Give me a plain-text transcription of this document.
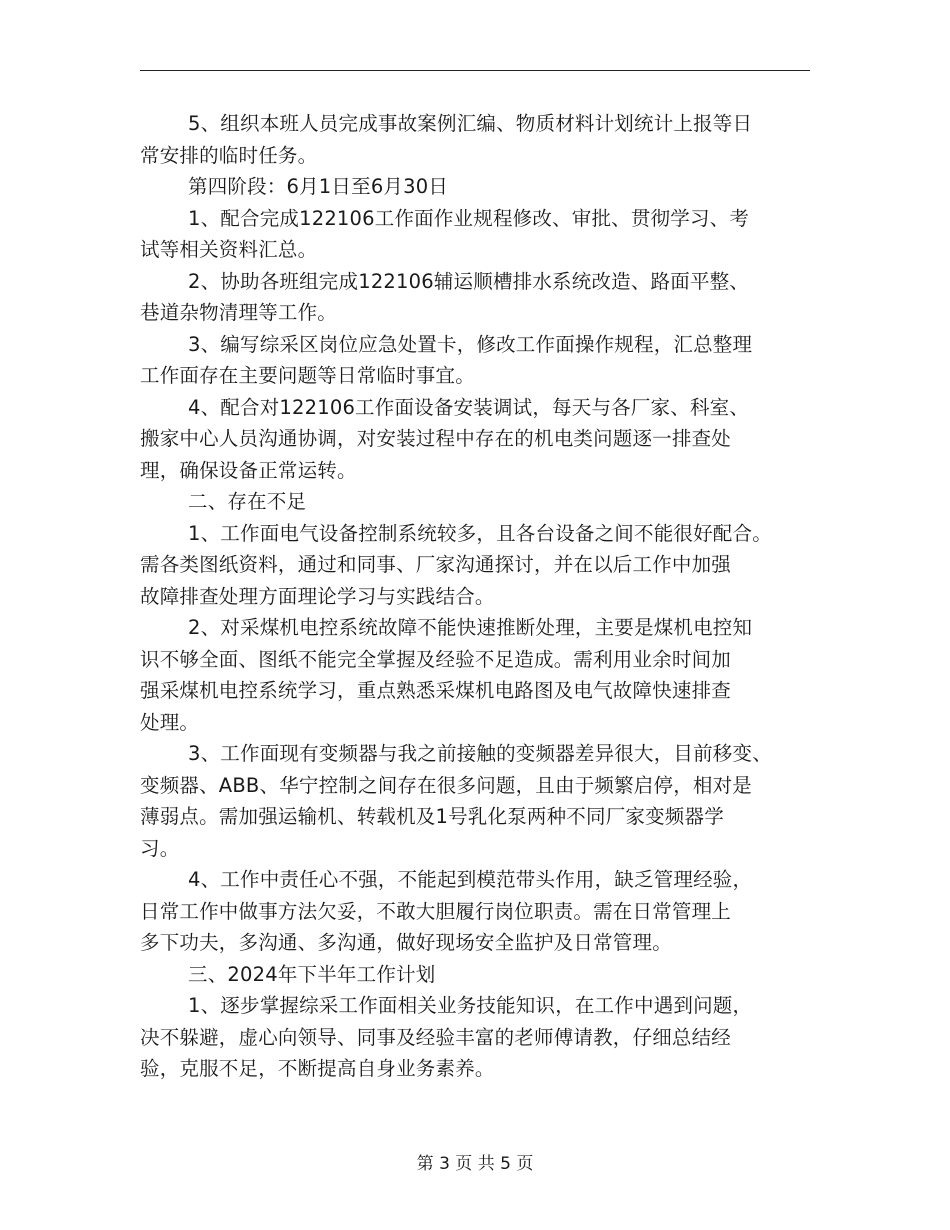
5、组织本班人员完成事故案例汇编、物质材料计划统计上报等日
常安排的临时任务。
第四阶段：6月1日至6月30日
1、配合完成122106工作面作业规程修改、审批、贯彻学习、考
试等相关资料汇总。
2、协助各班组完成122106辅运顺槽排水系统改造、路面平整、
巷道杂物清理等工作。
3、编写综采区岗位应急处置卡，修改工作面操作规程，汇总整理
工作面存在主要问题等日常临时事宜。
4、配合对122106工作面设备安装调试，每天与各厂家、科室、
搬家中心人员沟通协调，对安装过程中存在的机电类问题逐一排查处
理，确保设备正常运转。
二、存在不足
1、工作面电气设备控制系统较多，且各台设备之间不能很好配合。
需各类图纸资料，通过和同事、厂家沟通探讨，并在以后工作中加强
故障排查处理方面理论学习与实践结合。
2、对采煤机电控系统故障不能快速推断处理，主要是煤机电控知
识不够全面、图纸不能完全掌握及经验不足造成。需利用业余时间加
强采煤机电控系统学习，重点熟悉采煤机电路图及电气故障快速排查
处理。
3、工作面现有变频器与我之前接触的变频器差异很大，目前移变、
变频器、ABB、华宁控制之间存在很多问题，且由于频繁启停，相对是
薄弱点。需加强运输机、转载机及1号乳化泵两种不同厂家变频器学
习。
4、工作中责任心不强，不能起到模范带头作用，缺乏管理经验，
日常工作中做事方法欠妥，不敢大胆履行岗位职责。需在日常管理上
多下功夫，多沟通、多沟通，做好现场安全监护及日常管理。
三、2024年下半年工作计划
1、逐步掌握综采工作面相关业务技能知识，在工作中遇到问题，
决不躲避，虚心向领导、同事及经验丰富的老师傅请教，仔细总结经
验，克服不足，不断提高自身业务素养。
第 3 页 共 5 页
